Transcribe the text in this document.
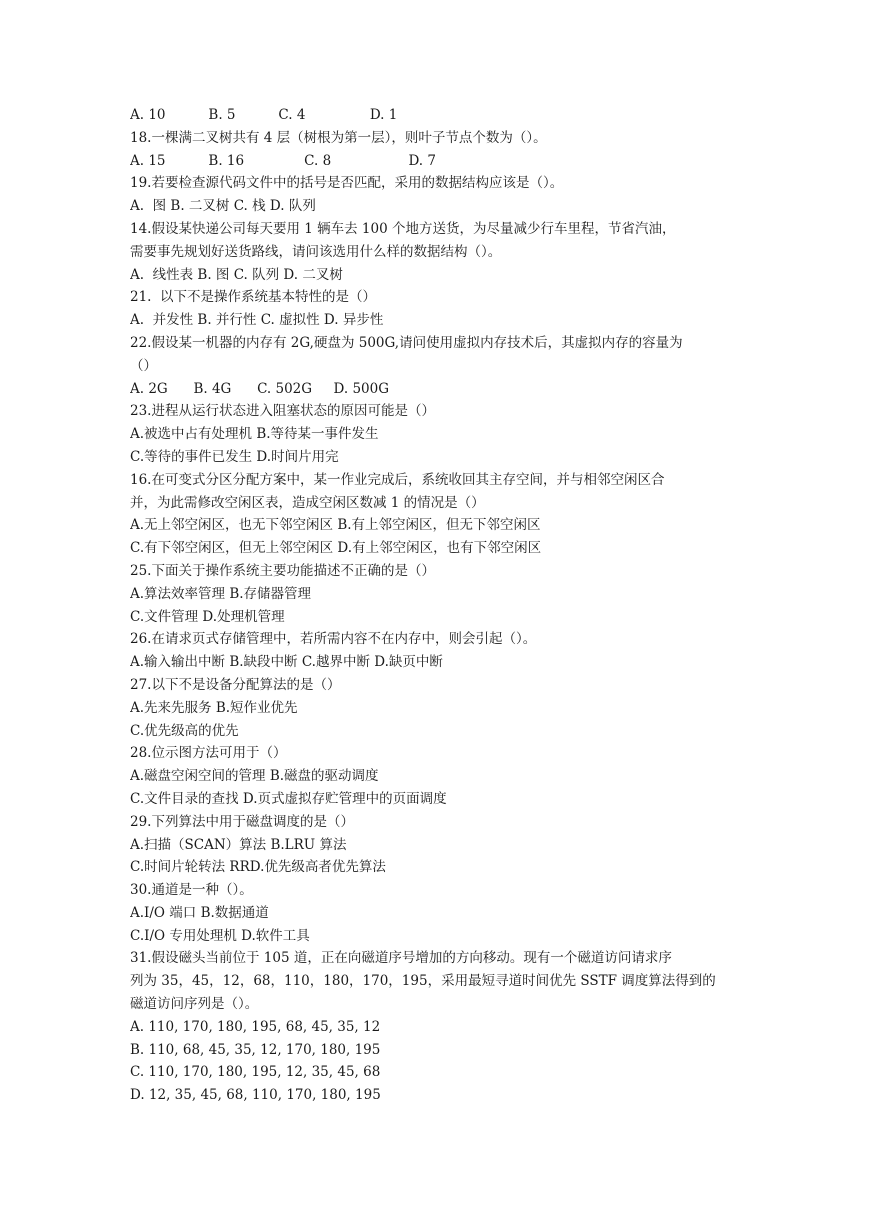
A. 10          B. 5          C. 4               D. 1
18.一棵满二叉树共有 4 层（树根为第一层），则叶子节点个数为（）。
A. 15          B. 16              C. 8                  D. 7
19.若要检查源代码文件中的括号是否匹配，采用的数据结构应该是（）。
A.  图 B. 二叉树 C. 栈 D. 队列
14.假设某快递公司每天要用 1 辆车去 100 个地方送货，为尽量减少行车里程，节省汽油，
需要事先规划好送货路线，请问该选用什么样的数据结构（）。
A.  线性表 B. 图 C. 队列 D. 二叉树
21.  以下不是操作系统基本特性的是（）
A.  并发性 B. 并行性 C. 虚拟性 D. 异步性
22.假设某一机器的内存有 2G,硬盘为 500G,请问使用虚拟内存技术后，其虚拟内存的容量为
（）
A. 2G      B. 4G      C. 502G     D. 500G
23.进程从运行状态进入阻塞状态的原因可能是（）
A.被选中占有处理机 B.等待某一事件发生
C.等待的事件已发生 D.时间片用完
16.在可变式分区分配方案中，某一作业完成后，系统收回其主存空间，并与相邻空闲区合
并，为此需修改空闲区表，造成空闲区数减 1 的情况是（）
A.无上邻空闲区，也无下邻空闲区 B.有上邻空闲区，但无下邻空闲区
C.有下邻空闲区，但无上邻空闲区 D.有上邻空闲区，也有下邻空闲区
25.下面关于操作系统主要功能描述不正确的是（）
A.算法效率管理 B.存储器管理
C.文件管理 D.处理机管理
26.在请求页式存储管理中，若所需内容不在内存中，则会引起（）。
A.输入输出中断 B.缺段中断 C.越界中断 D.缺页中断
27.以下不是设备分配算法的是（）
A.先来先服务 B.短作业优先
C.优先级高的优先
28.位示图方法可用于（）
A.磁盘空闲空间的管理 B.磁盘的驱动调度
C.文件目录的查找 D.页式虚拟存贮管理中的页面调度
29.下列算法中用于磁盘调度的是（）
A.扫描（SCAN）算法 B.LRU 算法
C.时间片轮转法 RRD.优先级高者优先算法
30.通道是一种（）。
A.I/O 端口 B.数据通道
C.I/O 专用处理机 D.软件工具
31.假设磁头当前位于 105 道，正在向磁道序号增加的方向移动。现有一个磁道访问请求序
列为 35，45，12，68，110，180，170，195，采用最短寻道时间优先 SSTF 调度算法得到的
磁道访问序列是（）。
A. 110, 170, 180, 195, 68, 45, 35, 12
B. 110, 68, 45, 35, 12, 170, 180, 195
C. 110, 170, 180, 195, 12, 35, 45, 68
D. 12, 35, 45, 68, 110, 170, 180, 195
